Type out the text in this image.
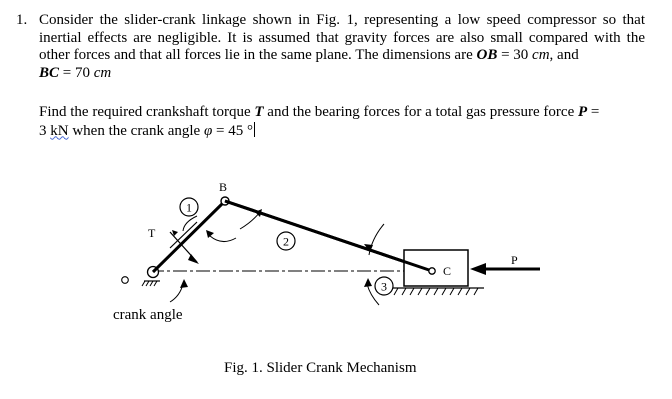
1. Consider the slider-crank linkage shown in Fig. 1, representing a low speed compressor so that inertial effects are negligible. It is assumed that gravity forces are also small compared with the other forces and that all forces lie in the same plane. The dimensions are OB = 30 cm, and
BC = 70 cm
Find the required crankshaft torque T and the bearing forces for a total gas pressure force P =
3 kN when the crank angle φ = 45 °
1
2
3
B
T
C
P
crank angle
Fig. 1. Slider Crank Mechanism
